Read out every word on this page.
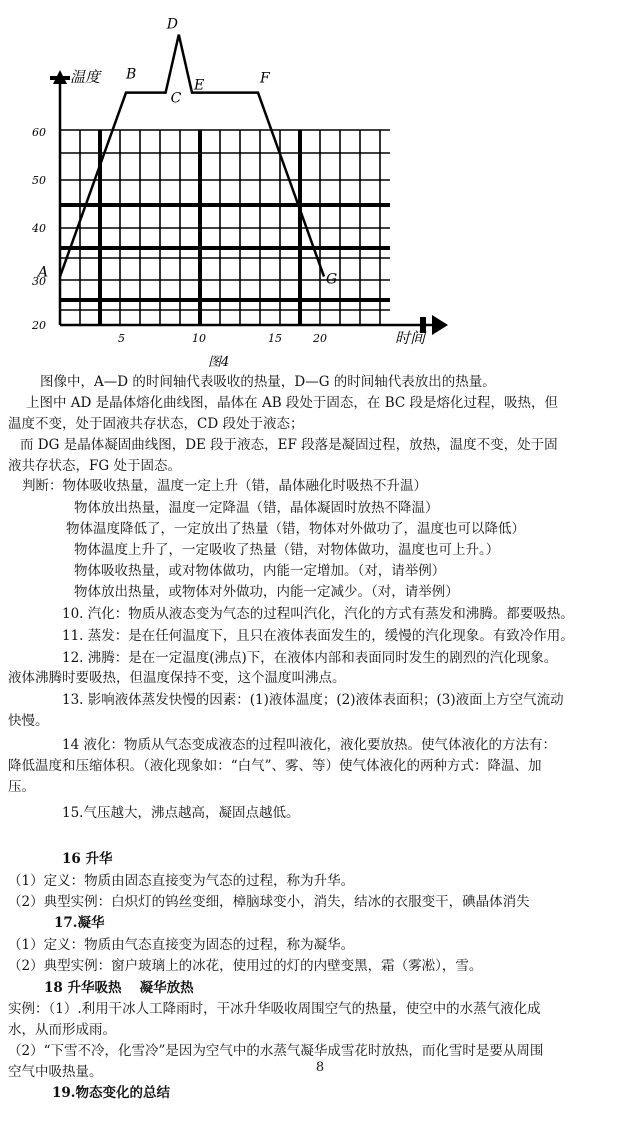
温度
时间
20
30
40
50
60
5	10	15	20
A
B
C
D
E	F
G
图4
图像中，A—D 的时间轴代表吸收的热量，D—G 的时间轴代表放出的热量。
上图中 AD 是晶体熔化曲线图，晶体在 AB 段处于固态，在 BC 段是熔化过程，吸热，但
温度不变，处于固液共存状态，CD 段处于液态；
而 DG 是晶体凝固曲线图，DE 段于液态，EF 段落是凝固过程，放热，温度不变，处于固
液共存状态，FG 处于固态。
判断：物体吸收热量，温度一定上升（错，晶体融化时吸热不升温）
物体放出热量，温度一定降温（错，晶体凝固时放热不降温）
物体温度降低了，一定放出了热量（错，物体对外做功了，温度也可以降低）
物体温度上升了，一定吸收了热量（错，对物体做功，温度也可上升。）
物体吸收热量，或对物体做功，内能一定增加。（对，请举例）
物体放出热量，或物体对外做功，内能一定减少。（对，请举例）
10. 汽化：物质从液态变为气态的过程叫汽化，汽化的方式有蒸发和沸腾。都要吸热。
11. 蒸发：是在任何温度下，且只在液体表面发生的，缓慢的汽化现象。有致冷作用。
12. 沸腾：是在一定温度(沸点)下，在液体内部和表面同时发生的剧烈的汽化现象。
液体沸腾时要吸热，但温度保持不变，这个温度叫沸点。
13. 影响液体蒸发快慢的因素：(1)液体温度；(2)液体表面积；(3)液面上方空气流动
快慢。
14 液化：物质从气态变成液态的过程叫液化，液化要放热。使气体液化的方法有：
降低温度和压缩体积。（液化现象如：“白气”、雾、等）使气体液化的两种方式：降温、加
压。
15.气压越大，沸点越高，凝固点越低。
16 升华
（1）定义：物质由固态直接变为气态的过程，称为升华。
（2）典型实例：白炽灯的钨丝变细，樟脑球变小，消失，结冰的衣服变干，碘晶体消失
17.凝华
（1）定义：物质由气态直接变为固态的过程，称为凝华。
（2）典型实例：窗户玻璃上的冰花，使用过的灯的内壁变黑，霜（雾凇），雪。
18 升华吸热　 凝华放热
实例：（1）.利用干冰人工降雨时，干冰升华吸收周围空气的热量，使空中的水蒸气液化成
水，从而形成雨。
（2）“下雪不冷，化雪冷”是因为空气中的水蒸气凝华成雪花时放热，而化雪时是要从周围
空气中吸热量。
19.物态变化的总结
8
